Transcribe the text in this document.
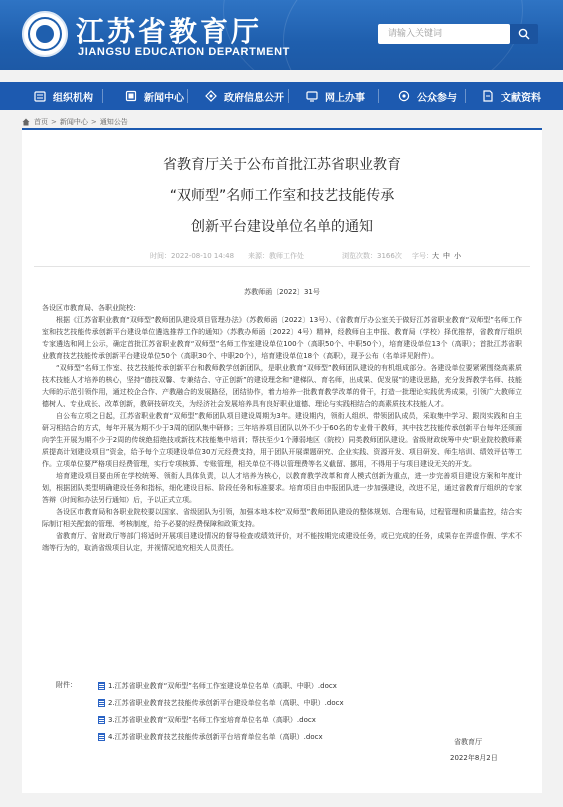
江苏省教育厅
JIANGSU EDUCATION DEPARTMENT
请输入关键词
组织机构	新闻中心	政府信息公开	网上办事	公众参与	文献资料
首页 > 新闻中心 > 通知公告
省教育厅关于公布首批江苏省职业教育
“双师型”名师工作室和技艺技能传承
创新平台建设单位名单的通知
时间：2022-08-10 14:48 来源：教师工作处	浏览次数：3166次 字号： 大 中 小
苏教师函〔2022〕31号

各设区市教育局、各职业院校：

根据《江苏省职业教育“双师型”教师团队建设项目管理办法》（苏教师函〔2022〕13号）、《省教育厅办公室关于做好江苏省职业教育“双师型”名师工作室和技艺技能传承创新平台建设单位遴选推荐工作的通知》（苏教办师函〔2022〕4号）精神，经教师自主申报、教育局（学校）择优推荐，省教育厅组织专家遴选和网上公示，确定首批江苏省职业教育“双师型”名师工作室建设单位100个（高职50个、中职50个），培育建设单位13个（高职）；首批江苏省职业教育技艺技能传承创新平台建设单位50个（高职30个、中职20个），培育建设单位18个（高职），现予公布（名单详见附件）。

“双师型”名师工作室、技艺技能传承创新平台和教师教学创新团队，是职业教育“双师型”教师团队建设的有机组成部分。各建设单位要紧紧围绕高素质技术技能人才培养的核心，坚持“德技双馨、专兼结合、守正创新”的建设理念和“建梯队、育名师，出成果、促发展”的建设思路，充分发挥教学名师、技能大师的示范引领作用，通过校企合作、产教融合的发展路径，团结协作，着力培养一批教育教学改革的骨干，打造一批理论实践优秀成果，引领广大教师立德树人、专业成长、改革创新，教研技研攻关，为经济社会发展培养具有良好职业道德、理论与实践相结合的高素质技术技能人才。

自公布立项之日起，江苏省职业教育“双师型”教师团队项目建设周期为3年。建设期内，领衔人组织、带领团队成员，采取集中学习、跟岗实践和自主研习相结合的方式，每年开展为期不少于3周的团队集中研修；三年培养项目团队以外不少于60名的专业骨干教师，其中技艺技能传承创新平台每年还须面向学生开展为期不少于2周的传统绝招绝技或新技术技能集中培训；帮扶至少1个薄弱地区（院校）同类教师团队建设。省级财政统筹中央“职业院校教师素质提高计划建设项目”资金，给予每个立项建设单位30万元经费支持，用于团队开展课题研究、企业实践、资源开发、项目研发、师生培训、绩效评估等工作。立项单位要严格项目经费管理，实行专项核算、专账管理，相关单位不得以管理费等名义截留、挪用，不得用于与项目建设无关的开支。

培育建设项目要由所在学校统筹、领衔人具体负责，以人才培养为核心，以教育教学改革和育人模式创新为重点，进一步完善项目建设方案和年度计划，根据团队类型明确建设任务和指标，细化建设目标、阶段任务和标准要求。培育项目由申报团队进一步加强建设，改进不足，通过省教育厅组织的专家答辩（时间和办法另行通知）后，予以正式立项。

各设区市教育局和各职业院校要以国家、省级团队为引领，加强本地本校“双师型”教师团队建设的整体规划、合理布局，过程管理和质量监控，结合实际制订相关配套的管理、考核制度，给予必要的经费保障和政策支持。

省教育厅、省财政厅等部门将适时开展项目建设情况的督导检查或绩效评价，对不能按期完成建设任务，或已完成的任务，成果存在弄虚作假、学术不端等行为的，取消省级项目认定，并视情况追究相关人员责任。

附件：	1.江苏省职业教育“双师型”名师工作室建设单位名单（高职、中职）.docx
2.江苏省职业教育技艺技能传承创新平台建设单位名单（高职、中职）.docx
3.江苏省职业教育“双师型”名师工作室培育单位名单（高职）.docx
4.江苏省职业教育技艺技能传承创新平台培育单位名单（高职）.docx
省教育厅
2022年8月2日
